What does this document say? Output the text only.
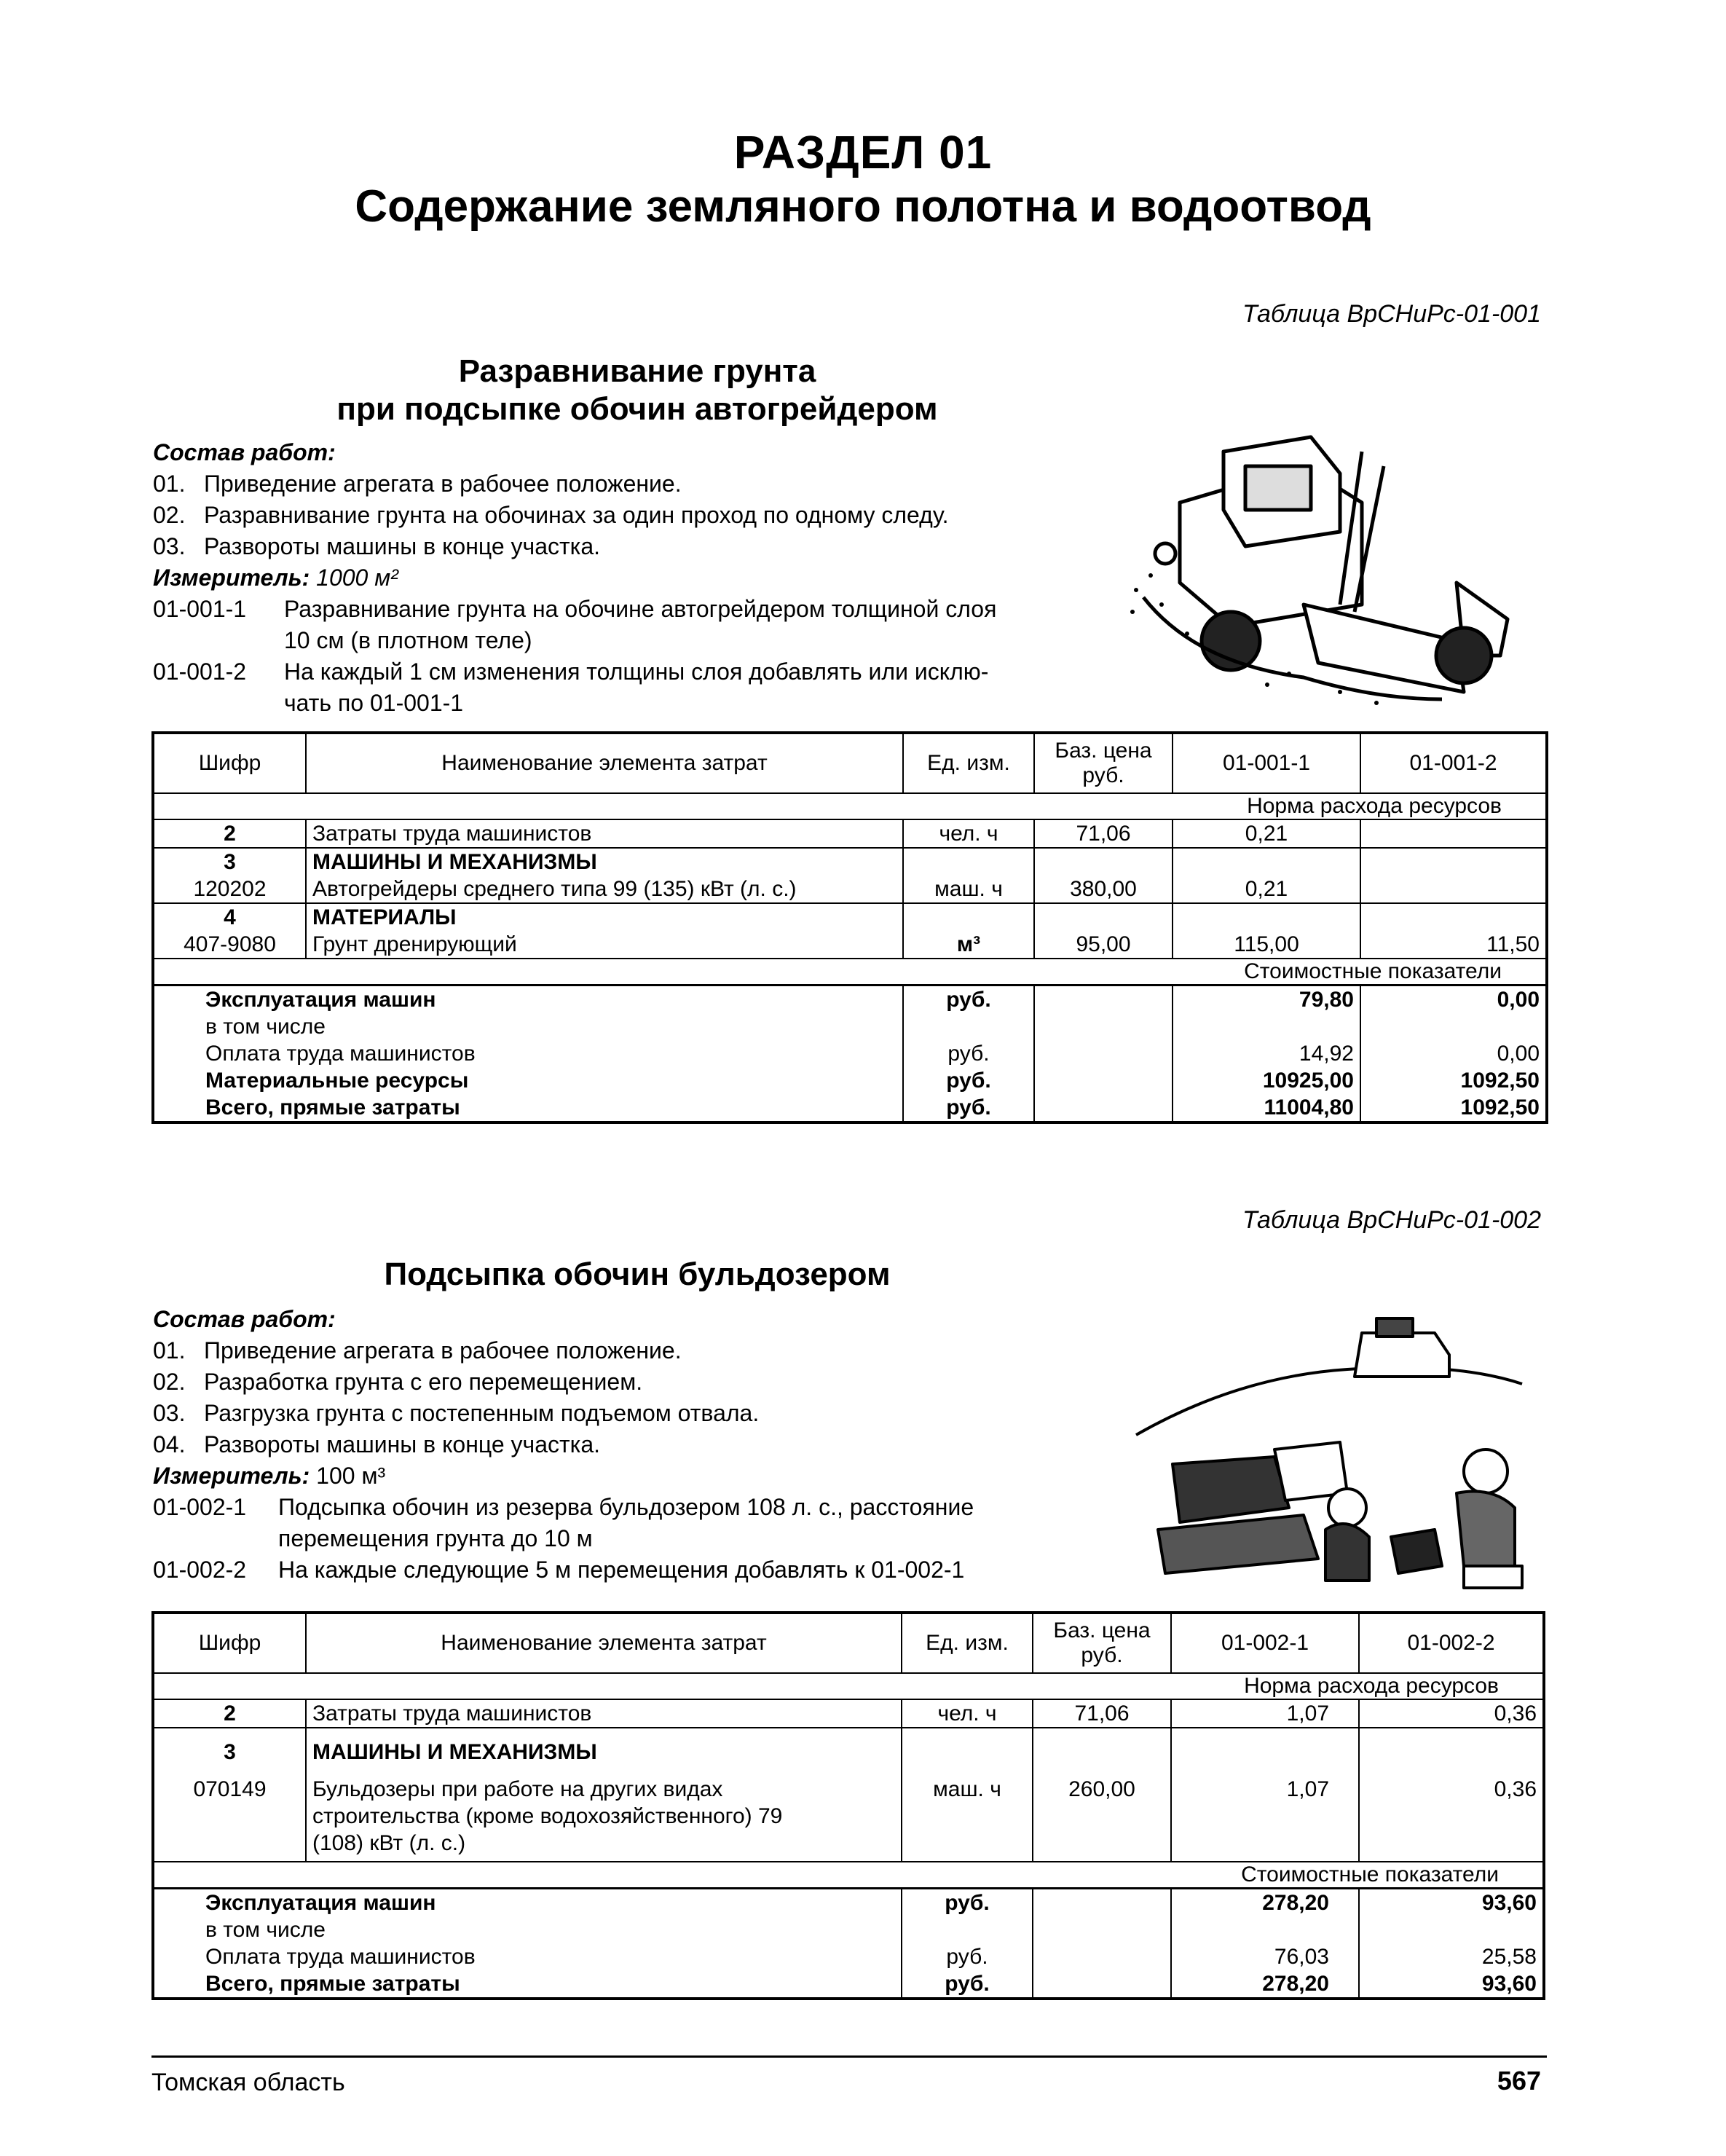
РАЗДЕЛ 01
Содержание земляного полотна и водоотвод
Таблица ВрСНиРс-01-001
Разравнивание грунта
при подсыпке обочин автогрейдером
Состав работ:
01. Приведение агрегата в рабочее положение.
02. Разравнивание грунта на обочинах за один проход по одному следу.
03. Развороты машины в конце участка.
Измеритель: 1000 м²
01-001-1	Разравнивание грунта на обочине автогрейдером толщиной слоя
10 см (в плотном теле)
01-001-2	На каждый 1 см изменения толщины слоя добавлять или исклю-
чать по 01-001-1
Шифр	Наименование элемента затрат	Ед. изм.	Баз. цена руб.	01-001-1	01-001-2
Норма расхода ресурсов					
2	Затраты труда машинистов	чел. ч	71,06	0,21	
3	МАШИНЫ И МЕХАНИЗМЫ				
120202	Автогрейдеры среднего типа 99 (135) кВт (л. с.)	маш. ч	380,00	0,21	
4	МАТЕРИАЛЫ				
407-9080	Грунт дренирующий	м³	95,00	115,00	11,50
Стоимостные показатели					
Эксплуатация машин		руб.		79,80	0,00
в том числе					
Оплата труда машинистов		руб.		14,92	0,00
Материальные ресурсы		руб.		10925,00	1092,50
Всего, прямые затраты		руб.		11004,80	1092,50
Таблица ВрСНиРс-01-002
Подсыпка обочин бульдозером
Состав работ:
01. Приведение агрегата в рабочее положение.
02. Разработка грунта с его перемещением.
03. Разгрузка грунта с постепенным подъемом отвала.
04. Развороты машины в конце участка.
Измеритель: 100 м³
01-002-1	Подсыпка обочин из резерва бульдозером 108 л. с., расстояние
перемещения грунта до 10 м
01-002-2	На каждые следующие 5 м перемещения добавлять к 01-002-1
Шифр	Наименование элемента затрат	Ед. изм.	Баз. цена руб.	01-002-1	01-002-2
Норма расхода ресурсов					
2	Затраты труда машинистов	чел. ч	71,06	1,07	0,36
3	МАШИНЫ И МЕХАНИЗМЫ				
070149	Бульдозеры при работе на других видах строительства (кроме водохозяйственного) 79 (108) кВт (л. с.)	маш. ч	260,00	1,07	0,36
Стоимостные показатели					
Эксплуатация машин		руб.		278,20	93,60
в том числе					
Оплата труда машинистов		руб.		76,03	25,58
Всего, прямые затраты		руб.		278,20	93,60
Томская область	567
